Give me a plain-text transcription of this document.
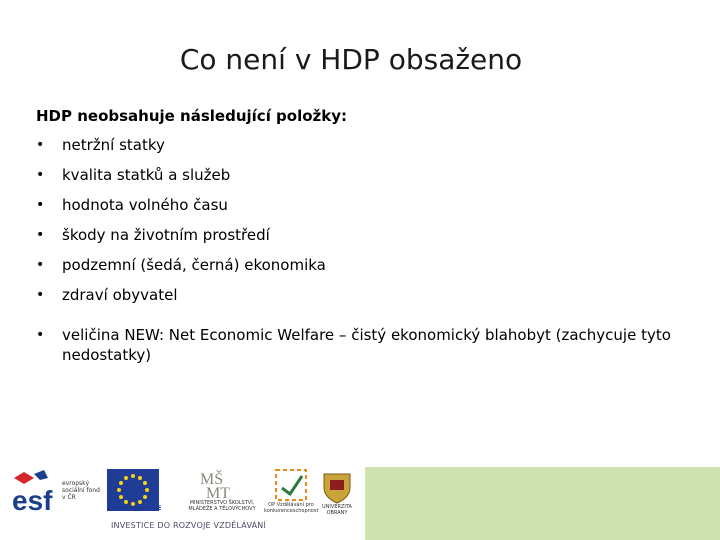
Co není v HDP obsaženo
HDP neobsahuje následující položky:
• netržní statky
• kvalita statků a služeb
• hodnota volného času
• škody na životním prostředí
• podzemní (šedá, černá) ekonomika
• zdraví obyvatel
• veličina NEW: Net Economic Welfare – čistý ekonomický blahobyt (zachycuje tyto nedostatky)
esf
evropský sociální fond v ČR
EVROPSKÁ UNIE
MŠ
MT
MINISTERSTVO ŠKOLSTVÍ, MLÁDEŽE A TĚLOVÝCHOVY
OP Vzdělávání pro konkurenceschopnost
UNIVERZITA OBRANY
INVESTICE DO ROZVOJE VZDĚLÁVÁNÍ
